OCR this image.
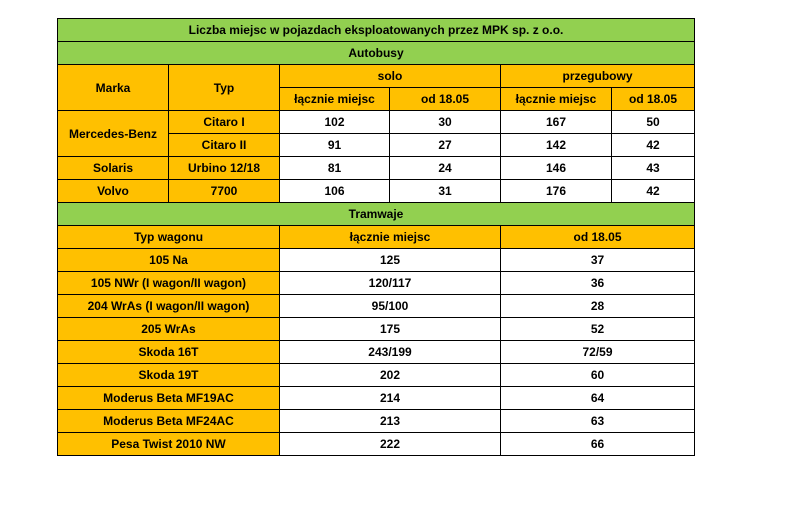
Liczba miejsc w pojazdach eksploatowanych przez MPK sp. z o.o.					
Autobusy					
Marka	Typ	solo		przegubowy	
		łącznie miejsc	od 18.05	łącznie miejsc	od 18.05
Mercedes-Benz	Citaro I	102	30	167	50
	Citaro II	91	27	142	42
Solaris	Urbino 12/18	81	24	146	43
Volvo	7700	106	31	176	42
Tramwaje					
Typ wagonu		łącznie miejsc		od 18.05	
105 Na		125		37	
105 NWr (I wagon/II wagon)		120/117		36	
204 WrAs (I wagon/II wagon)		95/100		28	
205 WrAs		175		52	
Skoda 16T		243/199		72/59	
Skoda 19T		202		60	
Moderus Beta MF19AC		214		64	
Moderus Beta MF24AC		213		63	
Pesa Twist 2010 NW		222		66	
